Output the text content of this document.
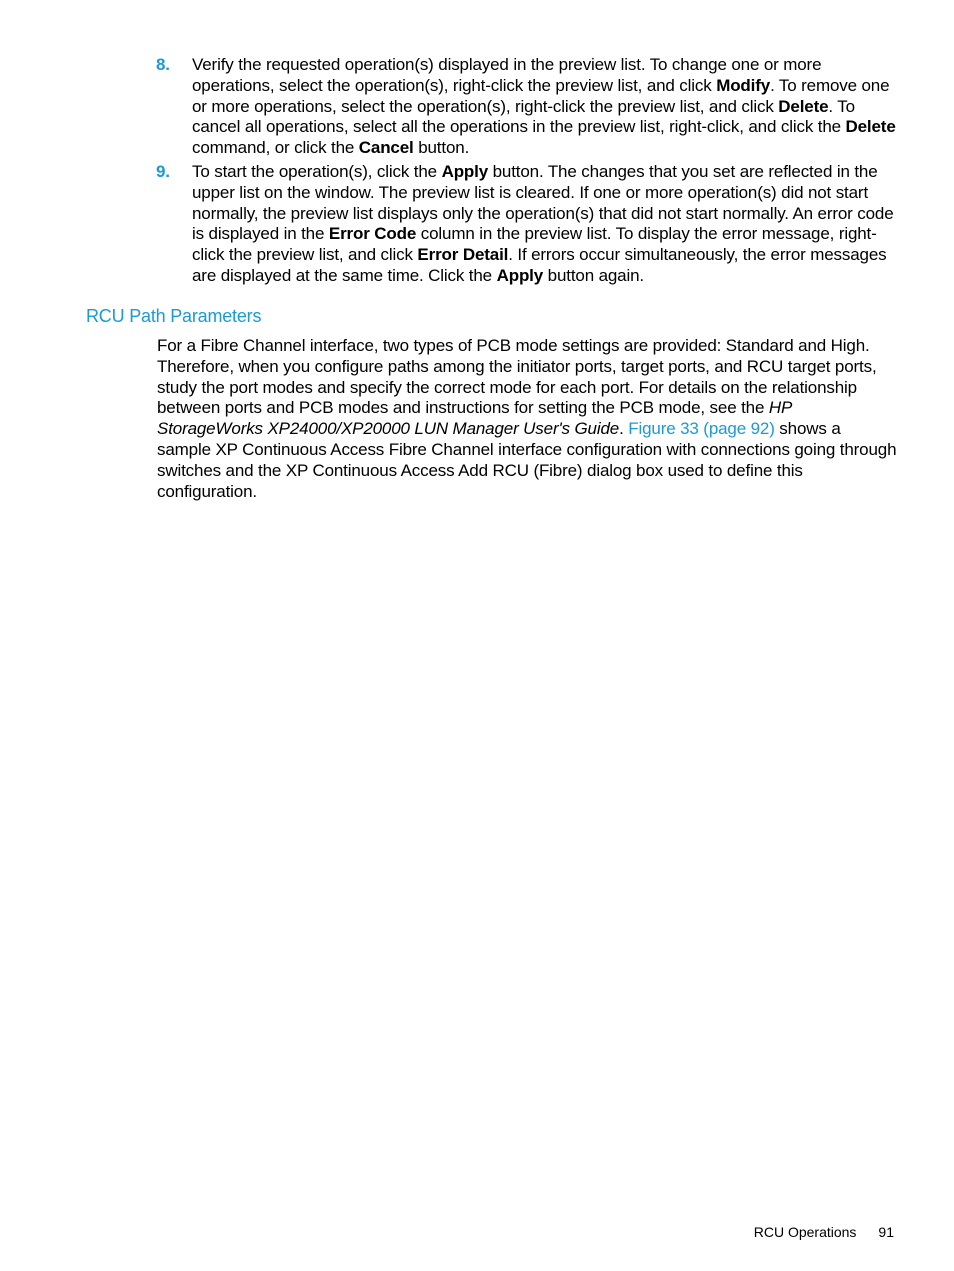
8. Verify the requested operation(s) displayed in the preview list. To change one or more operations, select the operation(s), right-click the preview list, and click Modify. To remove one or more operations, select the operation(s), right-click the preview list, and click Delete. To cancel all operations, select all the operations in the preview list, right-click, and click the Delete command, or click the Cancel button.
9. To start the operation(s), click the Apply button. The changes that you set are reflected in the upper list on the window. The preview list is cleared. If one or more operation(s) did not start normally, the preview list displays only the operation(s) that did not start normally. An error code is displayed in the Error Code column in the preview list. To display the error message, right-click the preview list, and click Error Detail. If errors occur simultaneously, the error messages are displayed at the same time. Click the Apply button again.
RCU Path Parameters

For a Fibre Channel interface, two types of PCB mode settings are provided: Standard and High. Therefore, when you configure paths among the initiator ports, target ports, and RCU target ports, study the port modes and specify the correct mode for each port. For details on the relationship between ports and PCB modes and instructions for setting the PCB mode, see the HP StorageWorks XP24000/XP20000 LUN Manager User's Guide. Figure 33 (page 92) shows a sample XP Continuous Access Fibre Channel interface configuration with connections going through switches and the XP Continuous Access Add RCU (Fibre) dialog box used to define this configuration.

RCU Operations 91
